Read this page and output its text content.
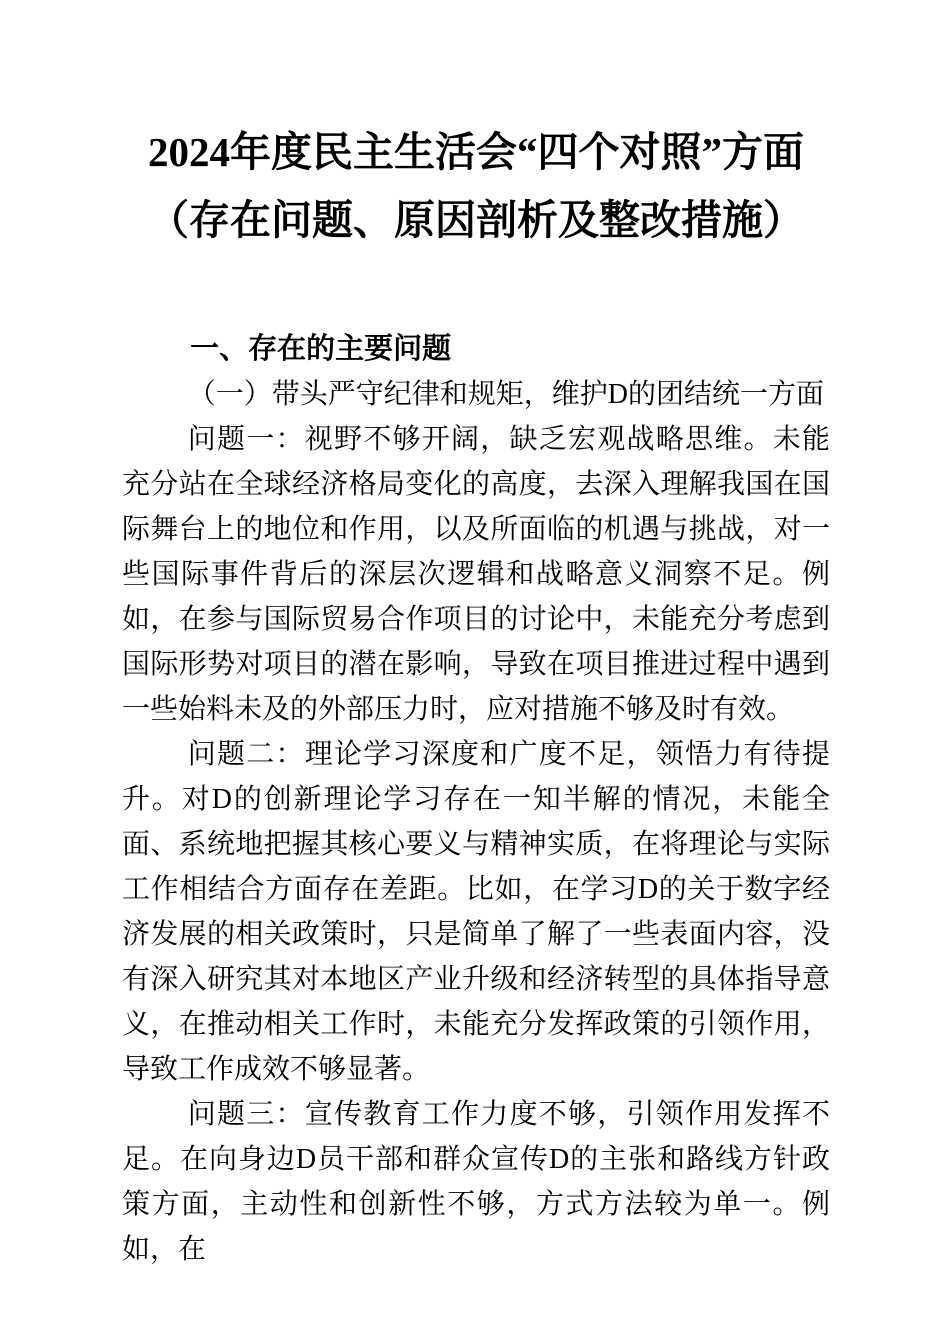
2024年度民主生活会“四个对照”方面
（存在问题、原因剖析及整改措施）
一、存在的主要问题
（一）带头严守纪律和规矩，维护D的团结统一方面

问题一：视野不够开阔，缺乏宏观战略思维。未能充分站在全球经济格局变化的高度，去深入理解我国在国际舞台上的地位和作用，以及所面临的机遇与挑战，对一些国际事件背后的深层次逻辑和战略意义洞察不足。例如，在参与国际贸易合作项目的讨论中，未能充分考虑到国际形势对项目的潜在影响，导致在项目推进过程中遇到一些始料未及的外部压力时，应对措施不够及时有效。

问题二：理论学习深度和广度不足，领悟力有待提升。对D的创新理论学习存在一知半解的情况，未能全面、系统地把握其核心要义与精神实质，在将理论与实际工作相结合方面存在差距。比如，在学习D的关于数字经济发展的相关政策时，只是简单了解了一些表面内容，没有深入研究其对本地区产业升级和经济转型的具体指导意义，在推动相关工作时，未能充分发挥政策的引领作用，导致工作成效不够显著。

问题三：宣传教育工作力度不够，引领作用发挥不足。在向身边D员干部和群众宣传D的主张和路线方针政策方面，主动性和创新性不够，方式方法较为单一。例如，在
